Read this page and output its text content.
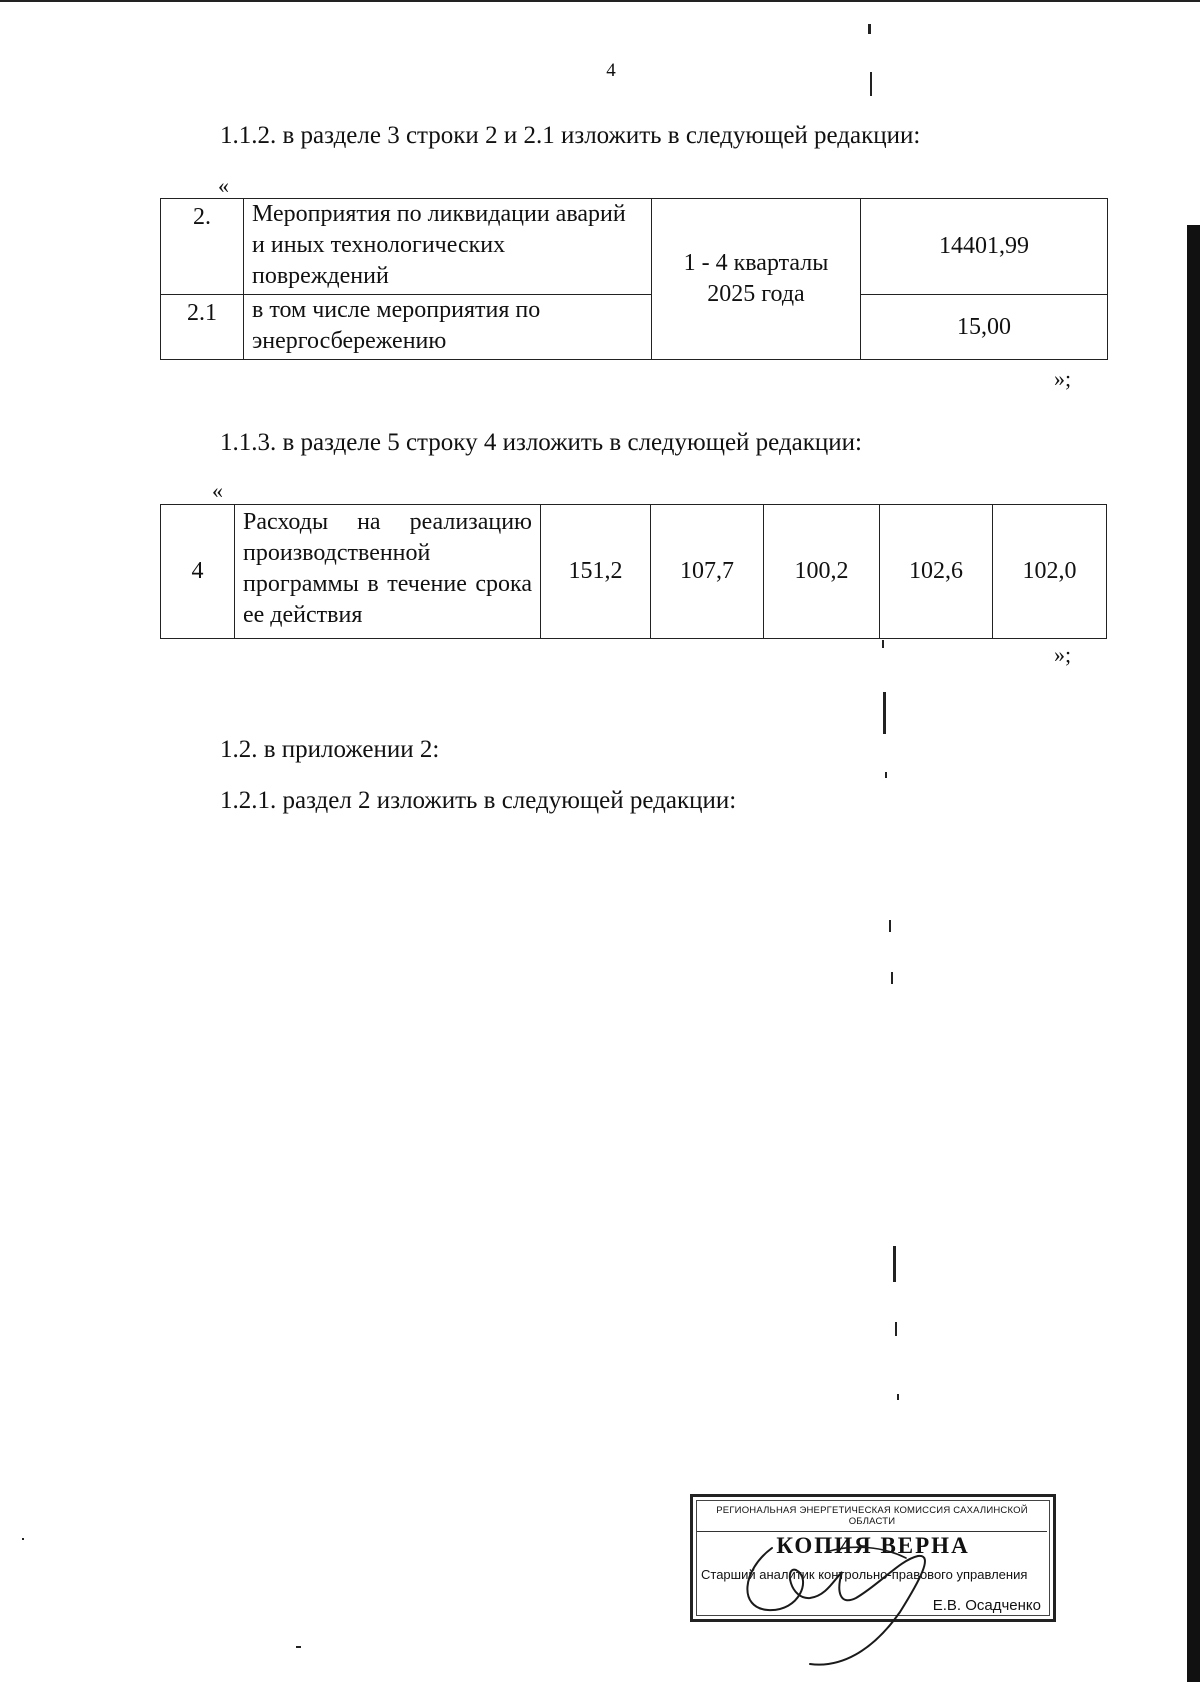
4
1.1.2. в разделе 3 строки 2 и 2.1 изложить в следующей редакции:
«
2.	Мероприятия по ликвидации аварий и иных технологических повреждений	1 - 4 кварталы 2025 года	14401,99
2.1	в том числе мероприятия по энергосбережению		15,00
»;
1.1.3. в разделе 5 строку 4 изложить в следующей редакции:
«
4	Расходы на реализацию производственной программы в течение срока ее действия	151,2	107,7	100,2	102,6	102,0
»;
1.2. в приложении 2:
1.2.1. раздел 2 изложить в следующей редакции:
РЕГИОНАЛЬНАЯ ЭНЕРГЕТИЧЕСКАЯ КОМИССИЯ САХАЛИНСКОЙ ОБЛАСТИ
КОПИЯ ВЕРНА
Старший аналитик контрольно-правового управления
Е.В. Осадченко
